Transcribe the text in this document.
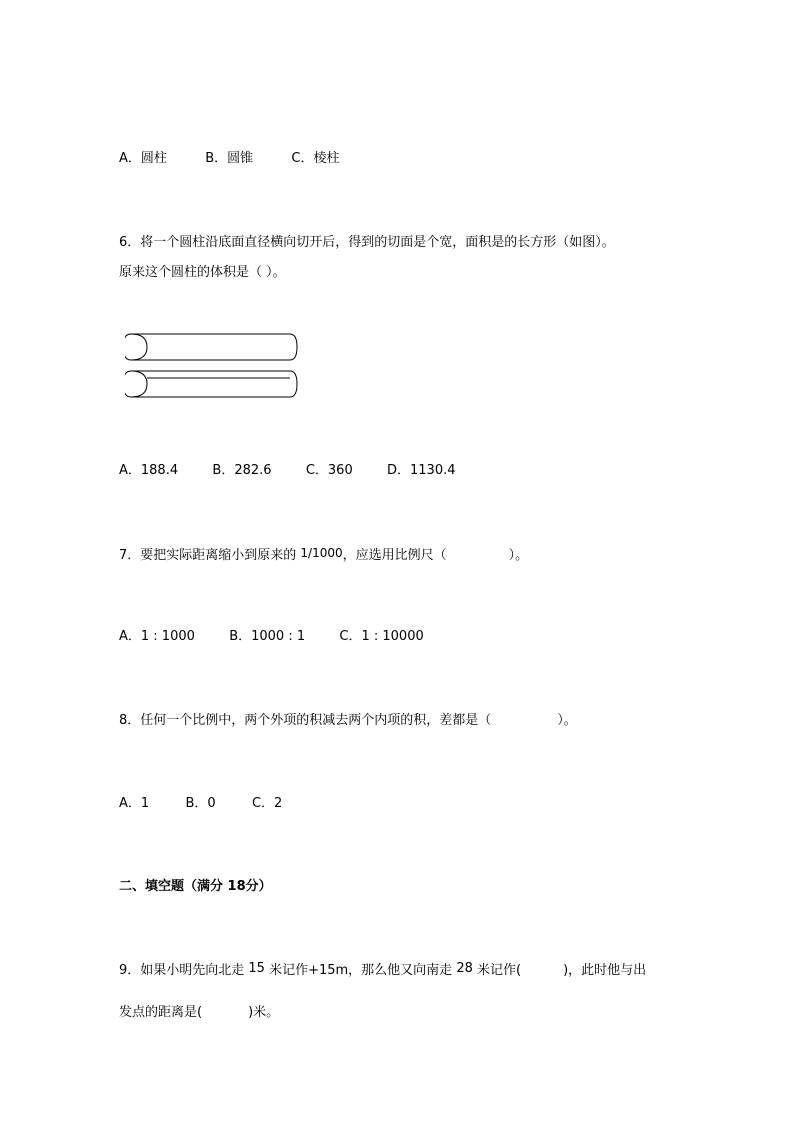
A．圆柱	B．圆锥	C．棱柱
6．将一个圆柱沿底面直径横向切开后，得到的切面是个宽，面积是的长方形（如图）。
原来这个圆柱的体积是（ ）。
A．188.4	B．282.6	C．360	D．1130.4
7．要把实际距离缩小到原来的 1/1000，应选用比例尺（	）。
A．1 : 1000	B．1000 : 1	C．1 : 10000
8．任何一个比例中，两个外项的积减去两个内项的积，差都是（	）。
A．1	B．0	C．2
二、填空题（满分 18分）
9．如果小明先向北走 15 米记作+15m，那么他又向南走 28 米记作(	)，此时他与出
发点的距离是(	)米。
